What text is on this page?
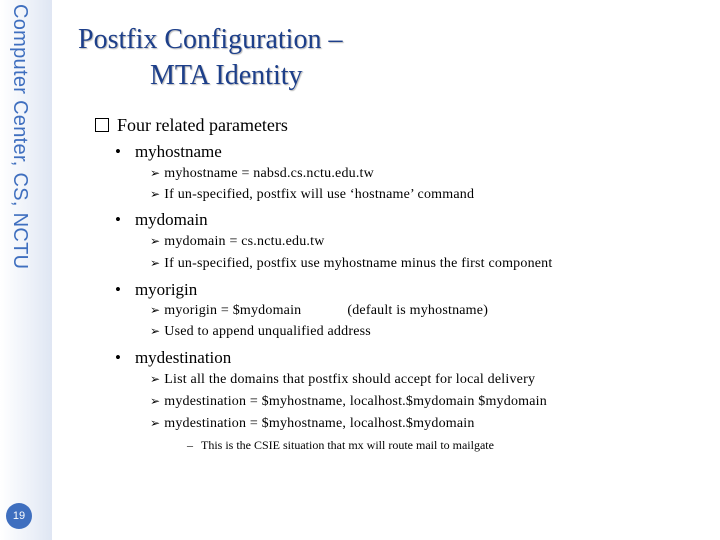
Computer Center, CS, NCTU
19
Postfix Configuration –
MTA Identity
Four related parameters
• myhostname
➢ myhostname = nabsd.cs.nctu.edu.tw
➢ If un-specified, postfix will use ‘hostname’ command
• mydomain
➢ mydomain = cs.nctu.edu.tw
➢ If un-specified, postfix use myhostname minus the first component
• myorigin
➢ myorigin = $mydomain	(default is myhostname)
➢ Used to append unqualified address
• mydestination
➢ List all the domains that postfix should accept for local delivery
➢ mydestination = $myhostname, localhost.$mydomain $mydomain
➢ mydestination = $myhostname, localhost.$mydomain
– This is the CSIE situation that mx will route mail to mailgate
